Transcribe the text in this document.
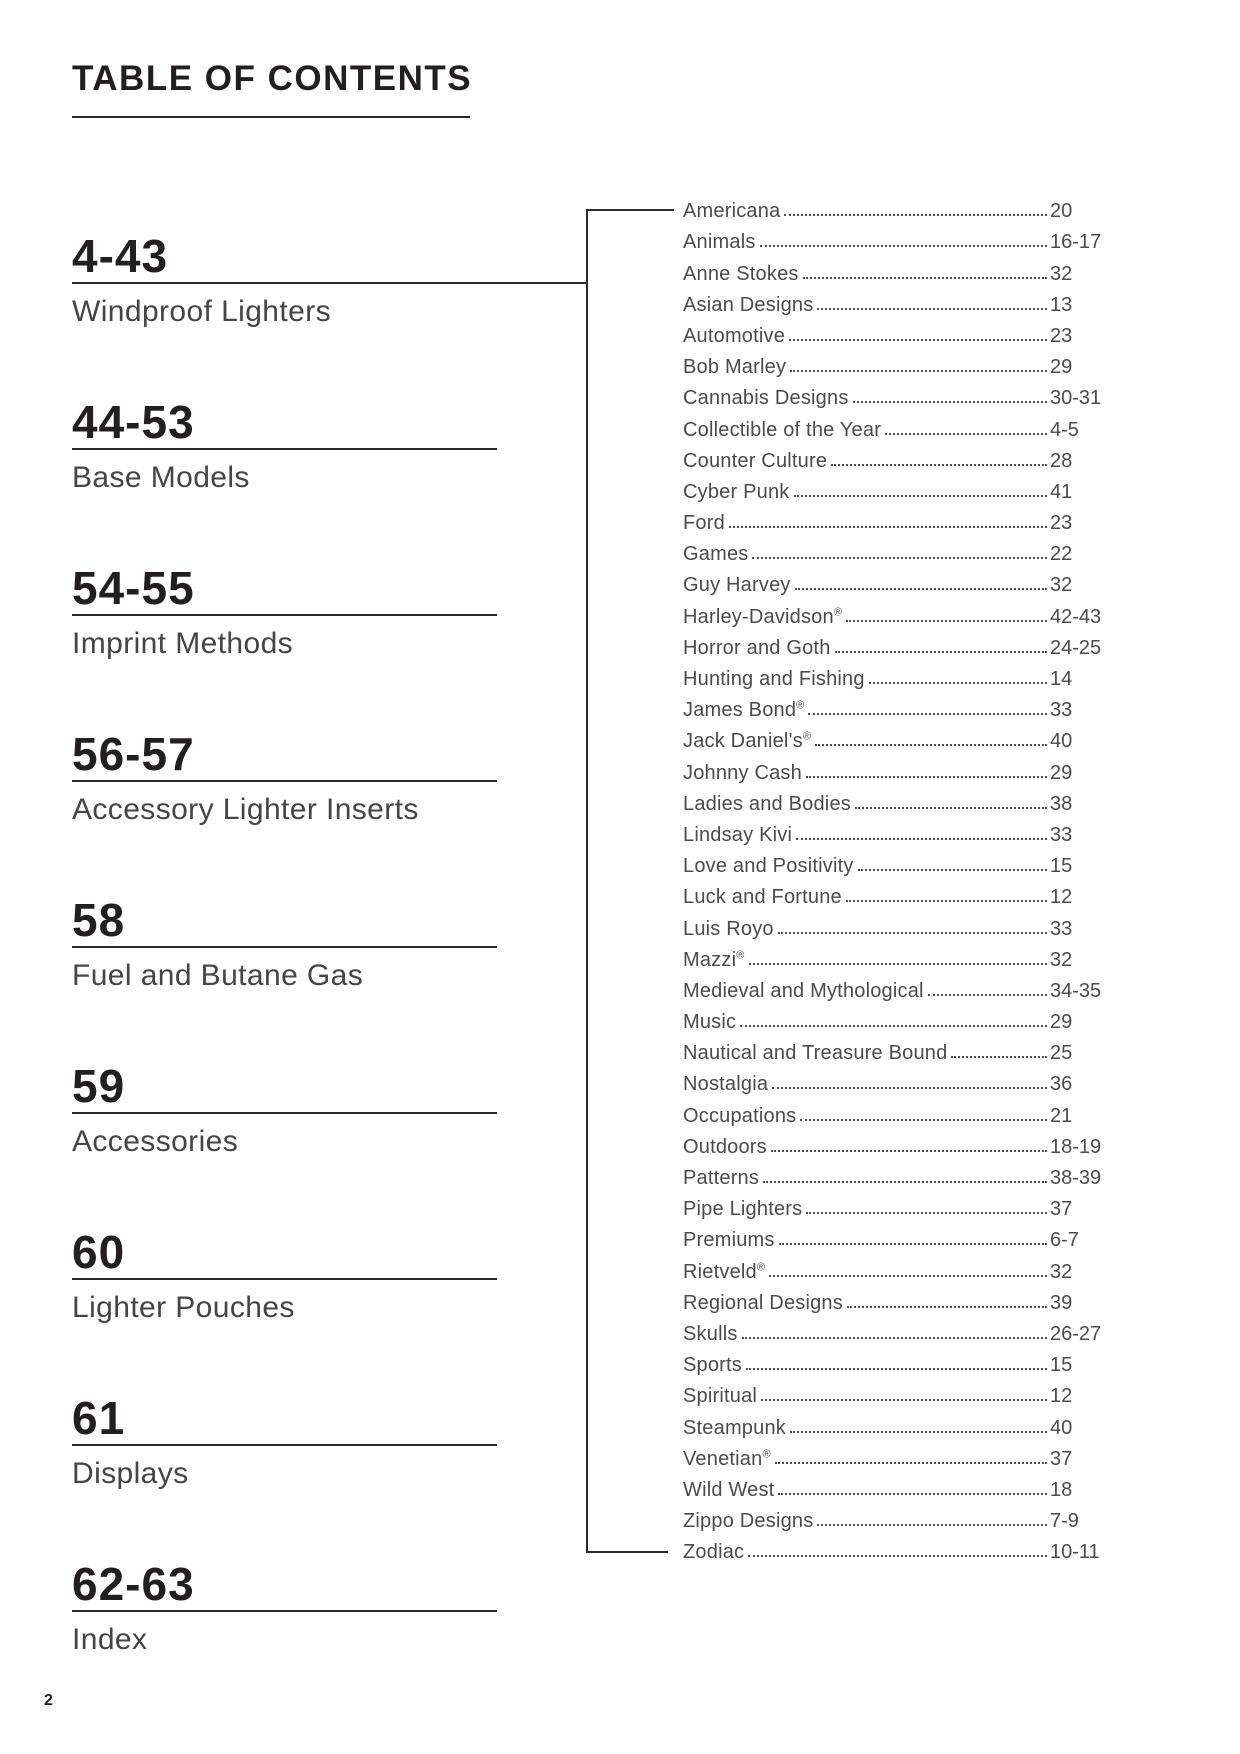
TABLE OF CONTENTS
4-43
Windproof Lighters
44-53
Base Models
54-55
Imprint Methods
56-57
Accessory Lighter Inserts
58
Fuel and Butane Gas
59
Accessories
60
Lighter Pouches
61
Displays
62-63
Index
Americana	20
Animals	16-17
Anne Stokes	32
Asian Designs	13
Automotive	23
Bob Marley	29
Cannabis Designs	30-31
Collectible of the Year	4-5
Counter Culture	28
Cyber Punk	41
Ford	23
Games	22
Guy Harvey	32
Harley-Davidson®	42-43
Horror and Goth	24-25
Hunting and Fishing	14
James Bond®	33
Jack Daniel's®	40
Johnny Cash	29
Ladies and Bodies	38
Lindsay Kivi	33
Love and Positivity	15
Luck and Fortune	12
Luis Royo	33
Mazzi®	32
Medieval and Mythological	34-35
Music	29
Nautical and Treasure Bound	25
Nostalgia	36
Occupations	21
Outdoors	18-19
Patterns	38-39
Pipe Lighters	37
Premiums	6-7
Rietveld®	32
Regional Designs	39
Skulls	26-27
Sports	15
Spiritual	12
Steampunk	40
Venetian®	37
Wild West	18
Zippo Designs	7-9
Zodiac	10-11
2
